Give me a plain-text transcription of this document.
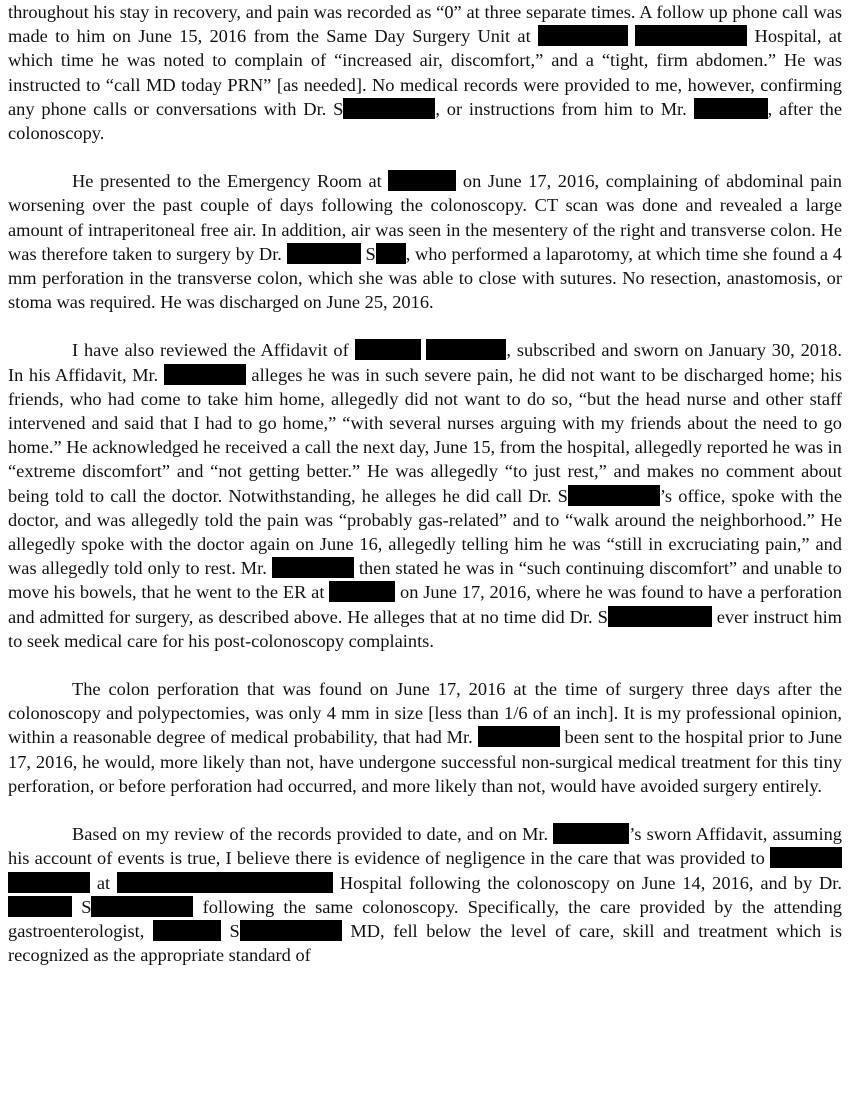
throughout his stay in recovery, and pain was recorded as “0” at three separate times. A follow up phone call was made to him on June 15, 2016 from the Same Day Surgery Unit at	Hospital, at which time he was noted to complain of “increased air, discomfort,” and a “tight, firm abdomen.” He was instructed to “call MD today PRN” [as needed]. No medical records were provided to me, however, confirming any phone calls or conversations with Dr. S	, or instructions from him to Mr.	, after the colonoscopy.

He presented to the Emergency Room at	on June 17, 2016, complaining of abdominal pain worsening over the past couple of days following the colonoscopy. CT scan was done and revealed a large amount of intraperitoneal free air. In addition, air was seen in the mesentery of the right and transverse colon. He was therefore taken to surgery by Dr.	S , who performed a laparotomy, at which time she found a 4 mm perforation in the transverse colon, which she was able to close with sutures. No resection, anastomosis, or stoma was required. He was discharged on June 25, 2016.

I have also reviewed the Affidavit of	, subscribed and sworn on January 30, 2018. In his Affidavit, Mr.	alleges he was in such severe pain, he did not want to be discharged home; his friends, who had come to take him home, allegedly did not want to do so, “but the head nurse and other staff intervened and said that I had to go home,” “with several nurses arguing with my friends about the need to go home.” He acknowledged he received a call the next day, June 15, from the hospital, allegedly reported he was in “extreme discomfort” and “not getting better.” He was allegedly “to just rest,” and makes no comment about being told to call the doctor. Notwithstanding, he alleges he did call Dr. S	’s office, spoke with the doctor, and was allegedly told the pain was “probably gas-related” and to “walk around the neighborhood.” He allegedly spoke with the doctor again on June 16, allegedly telling him he was “still in excruciating pain,” and was allegedly told only to rest. Mr.	then stated he was in “such continuing discomfort” and unable to move his bowels, that he went to the ER at	on June 17, 2016, where he was found to have a perforation and admitted for surgery, as described above. He alleges that at no time did Dr. S	ever instruct him to seek medical care for his post-colonoscopy complaints.

The colon perforation that was found on June 17, 2016 at the time of surgery three days after the colonoscopy and polypectomies, was only 4 mm in size [less than 1/6 of an inch]. It is my professional opinion, within a reasonable degree of medical probability, that had Mr.	been sent to the hospital prior to June 17, 2016, he would, more likely than not, have undergone successful non-surgical medical treatment for this tiny perforation, or before perforation had occurred, and more likely than not, would have avoided surgery entirely.

Based on my review of the records provided to date, and on Mr.	’s sworn Affidavit, assuming his account of events is true, I believe there is evidence of negligence in the care that was provided to   at	Hospital following the colonoscopy on June 14, 2016, and by Dr.  S	following the same colonoscopy. Specifically, the care provided by the attending gastroenterologist,	S	MD, fell below the level of care, skill and treatment which is recognized as the appropriate standard of
